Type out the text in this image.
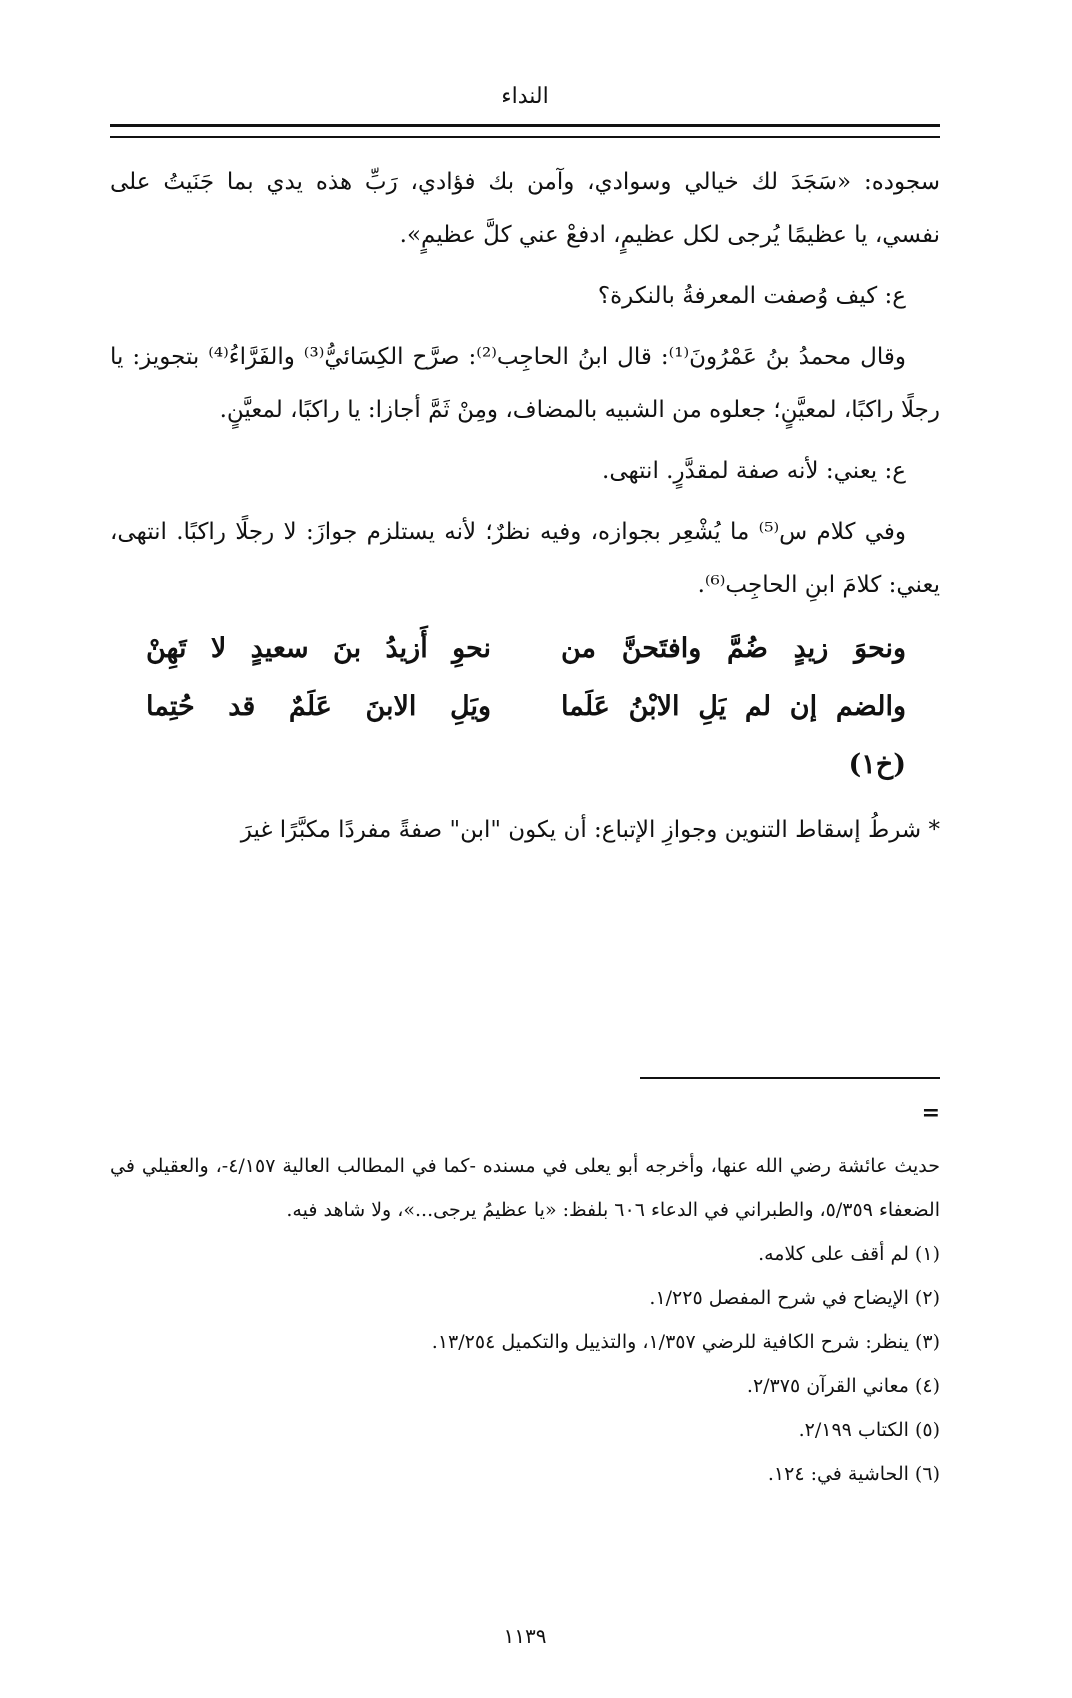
النداء

سجوده: «سَجَدَ لك خيالي وسوادي، وآمن بك فؤادي، رَبِّ هذه يدي بما جَنَيتُ على نفسي، يا عظيمًا يُرجى لكل عظيمٍ، ادفعْ عني كلَّ عظيمٍ».

ع: كيف وُصفت المعرفةُ بالنكرة؟

وقال محمدُ بنُ عَمْرُونَ⁽¹⁾: قال ابنُ الحاجِب⁽²⁾: صرَّح الكِسَائيُّ⁽³⁾ والفَرَّاءُ⁽⁴⁾ بتجويز: يا رجلًا راكبًا، لمعيَّنٍ؛ جعلوه من الشبيه بالمضاف، ومِنْ ثَمَّ أجازا: يا راكبًا، لمعيَّنٍ.

ع: يعني: لأنه صفة لمقدَّرٍ. انتهى.

وفي كلام س⁽⁵⁾ ما يُشْعِر بجوازه، وفيه نظرٌ؛ لأنه يستلزم جوازَ: لا رجلًا راكبًا. انتهى، يعني: كلامَ ابنِ الحاجِب⁽⁶⁾.

ونحوَ زيدٍ ضُمَّ وافتَحنَّ من
نحوِ أَزيدُ بنَ سعيدٍ لا تَهِنْ
والضم إن لم يَلِ الابْنُ عَلَما
ويَلِ الابنَ عَلَمٌ قد حُتِما
(خ١)

* شرطُ إسقاط التنوين وجوازِ الإتباع: أن يكون "ابن" صفةً مفردًا مكبَّرًا غيرَ

=

حديث عائشة رضي الله عنها، وأخرجه أبو يعلى في مسنده -كما في المطالب العالية ٤/١٥٧-، والعقيلي في الضعفاء ٥/٣٥٩، والطبراني في الدعاء ٦٠٦ بلفظ: «يا عظيمُ يرجى...»، ولا شاهد فيه.

(١) لم أقف على كلامه.

(٢) الإيضاح في شرح المفصل ١/٢٢٥.

(٣) ينظر: شرح الكافية للرضي ١/٣٥٧، والتذييل والتكميل ١٣/٢٥٤.

(٤) معاني القرآن ٢/٣٧٥.

(٥) الكتاب ٢/١٩٩.

(٦) الحاشية في: ١٢٤.

١١٣٩
